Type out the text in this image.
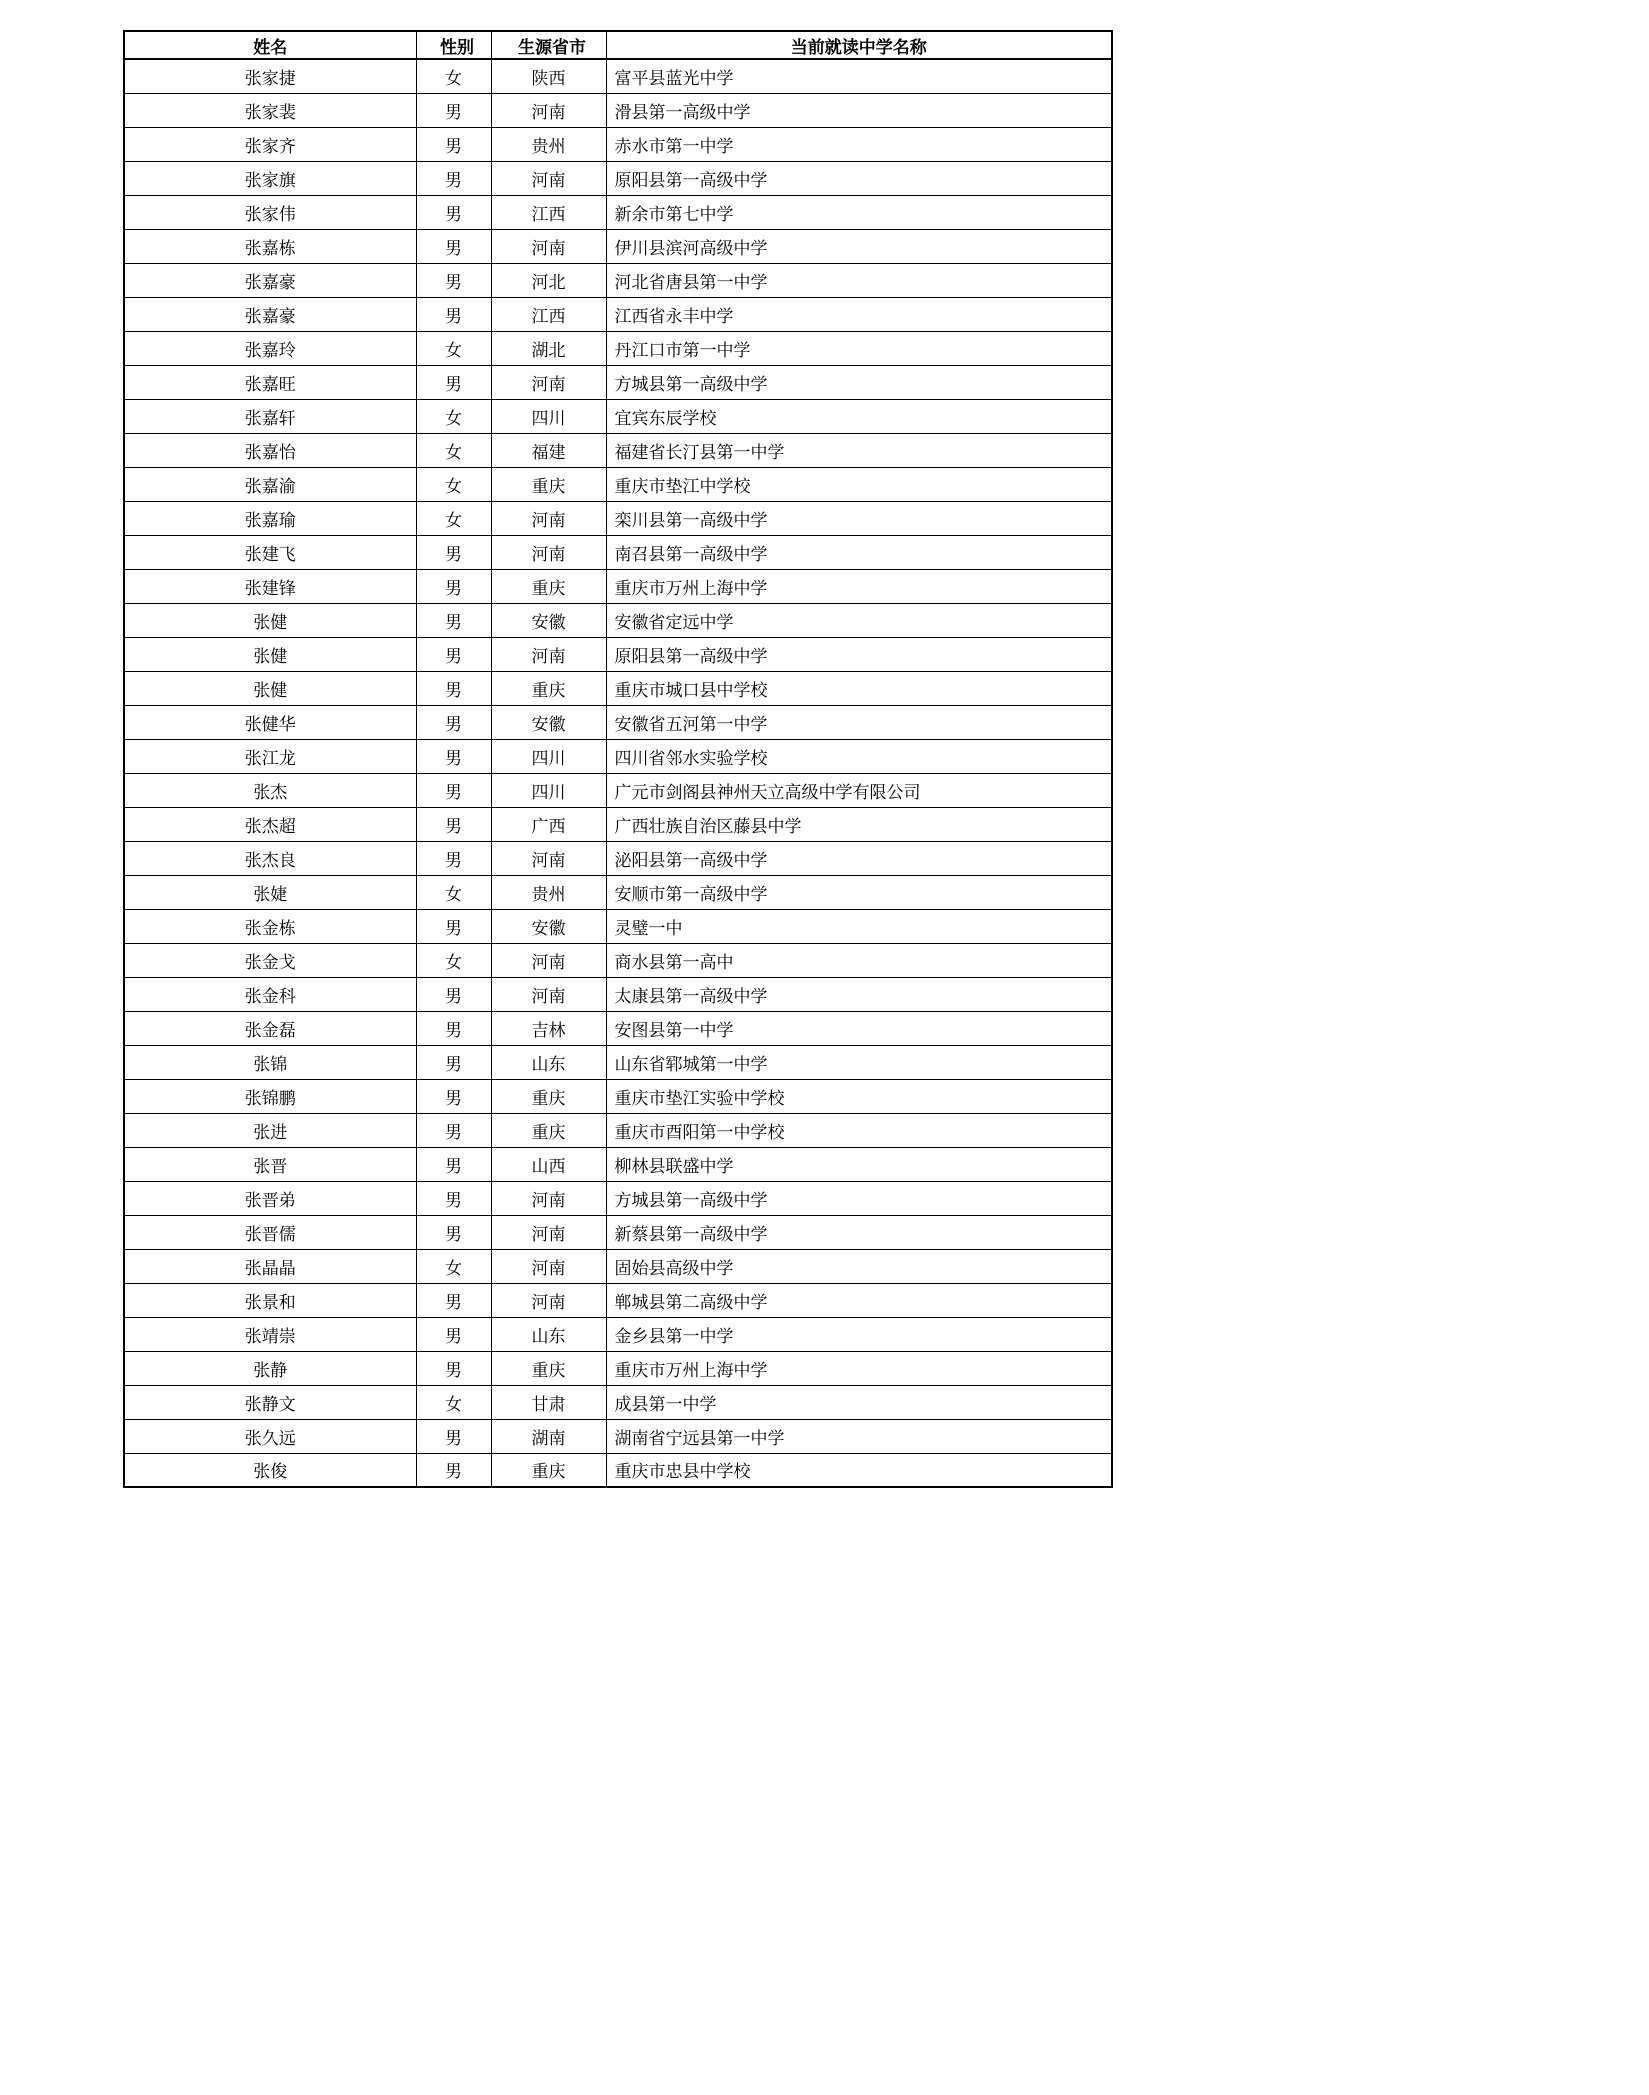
姓名	性别	生源省市	当前就读中学名称
张家捷	女	陕西	富平县蓝光中学
张家裴	男	河南	滑县第一高级中学
张家齐	男	贵州	赤水市第一中学
张家旗	男	河南	原阳县第一高级中学
张家伟	男	江西	新余市第七中学
张嘉栋	男	河南	伊川县滨河高级中学
张嘉豪	男	河北	河北省唐县第一中学
张嘉豪	男	江西	江西省永丰中学
张嘉玲	女	湖北	丹江口市第一中学
张嘉旺	男	河南	方城县第一高级中学
张嘉轩	女	四川	宜宾东辰学校
张嘉怡	女	福建	福建省长汀县第一中学
张嘉渝	女	重庆	重庆市垫江中学校
张嘉瑜	女	河南	栾川县第一高级中学
张建飞	男	河南	南召县第一高级中学
张建锋	男	重庆	重庆市万州上海中学
张健	男	安徽	安徽省定远中学
张健	男	河南	原阳县第一高级中学
张健	男	重庆	重庆市城口县中学校
张健华	男	安徽	安徽省五河第一中学
张江龙	男	四川	四川省邻水实验学校
张杰	男	四川	广元市剑阁县神州天立高级中学有限公司
张杰超	男	广西	广西壮族自治区藤县中学
张杰良	男	河南	泌阳县第一高级中学
张婕	女	贵州	安顺市第一高级中学
张金栋	男	安徽	灵璧一中
张金戈	女	河南	商水县第一高中
张金科	男	河南	太康县第一高级中学
张金磊	男	吉林	安图县第一中学
张锦	男	山东	山东省郓城第一中学
张锦鹏	男	重庆	重庆市垫江实验中学校
张进	男	重庆	重庆市酉阳第一中学校
张晋	男	山西	柳林县联盛中学
张晋弟	男	河南	方城县第一高级中学
张晋儒	男	河南	新蔡县第一高级中学
张晶晶	女	河南	固始县高级中学
张景和	男	河南	郸城县第二高级中学
张靖崇	男	山东	金乡县第一中学
张静	男	重庆	重庆市万州上海中学
张静文	女	甘肃	成县第一中学
张久远	男	湖南	湖南省宁远县第一中学
张俊	男	重庆	重庆市忠县中学校
